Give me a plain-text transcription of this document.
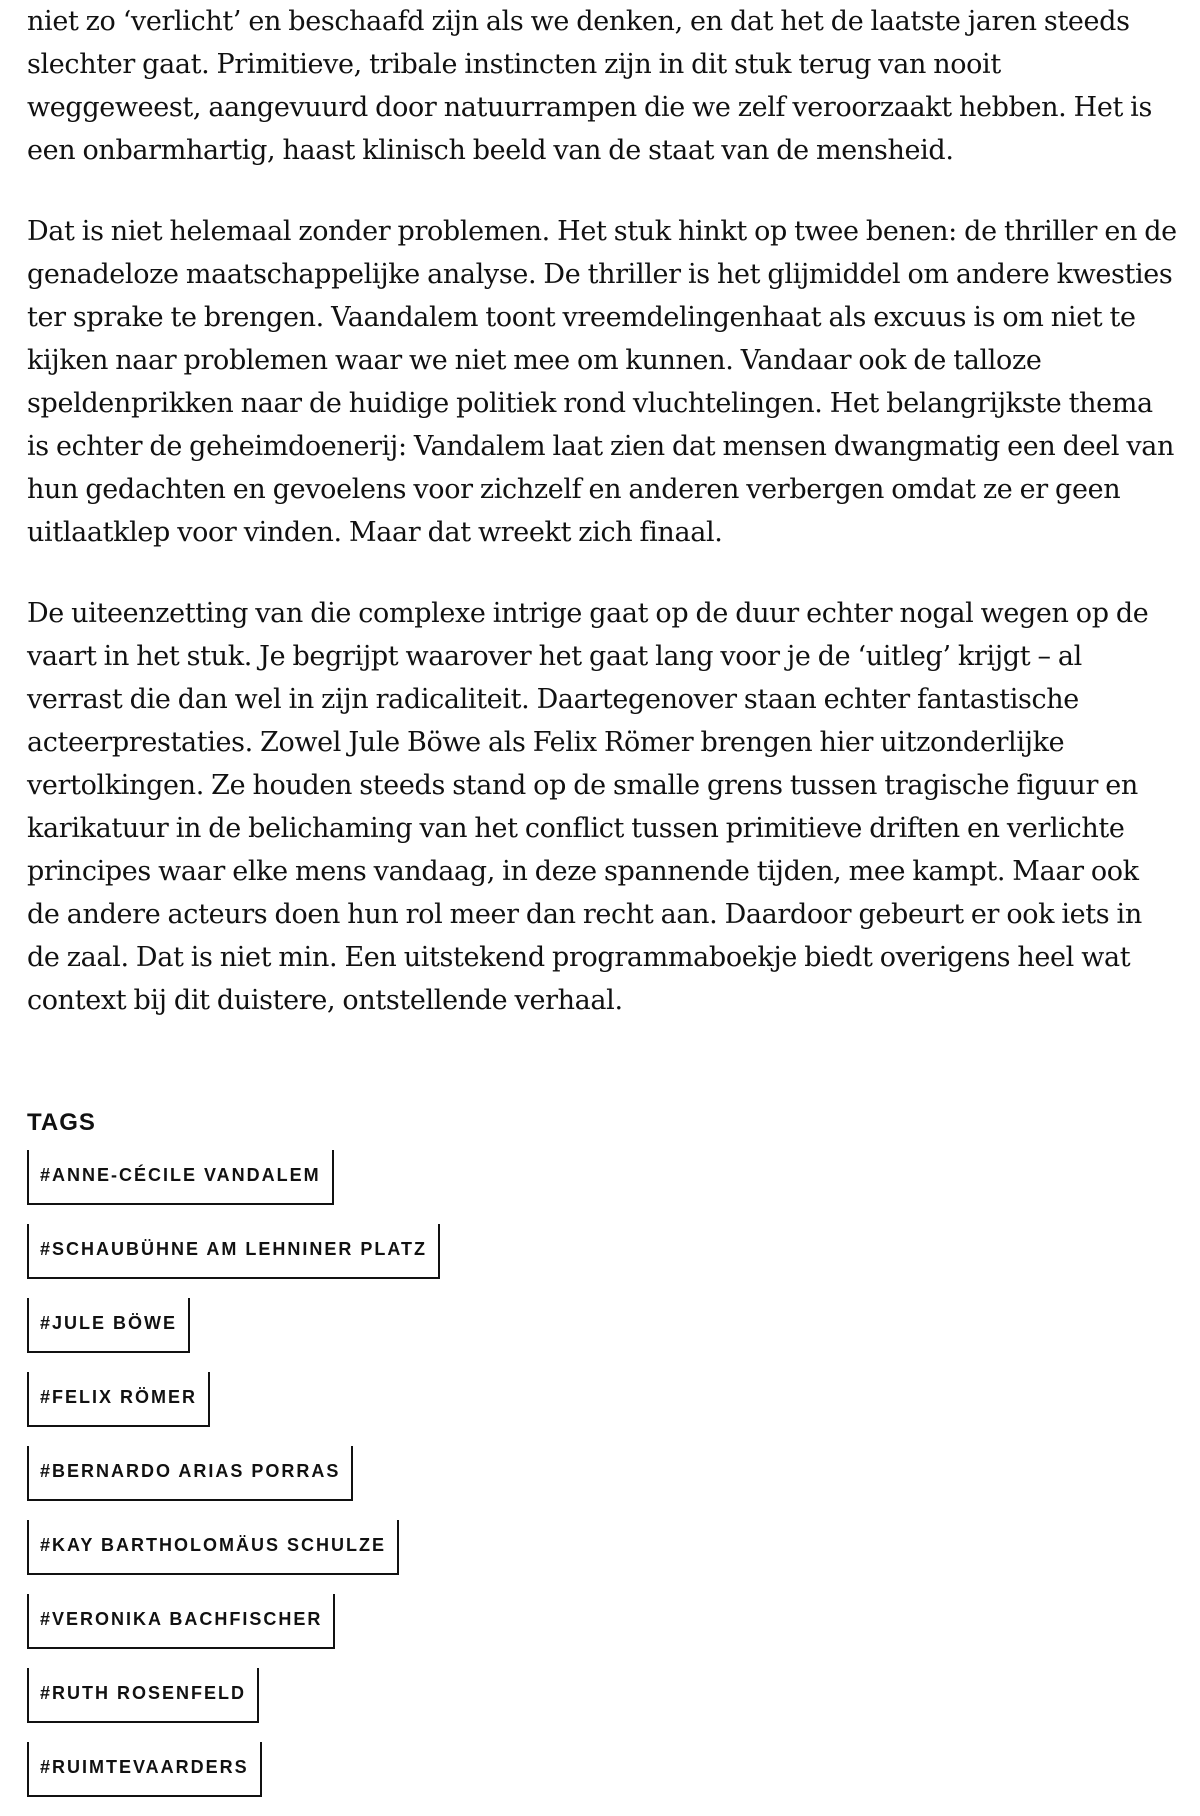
niet zo ‘verlicht’ en beschaafd zijn als we denken, en dat het de laatste jaren steeds slechter gaat. Primitieve, tribale instincten zijn in dit stuk terug van nooit weggeweest, aangevuurd door natuurrampen die we zelf veroorzaakt hebben. Het is een onbarmhartig, haast klinisch beeld van de staat van de mensheid.

Dat is niet helemaal zonder problemen. Het stuk hinkt op twee benen: de thriller en de genadeloze maatschappelijke analyse. De thriller is het glijmiddel om andere kwesties ter sprake te brengen. Vaandalem toont vreemdelingenhaat als excuus is om niet te kijken naar problemen waar we niet mee om kunnen. Vandaar ook de talloze speldenprikken naar de huidige politiek rond vluchtelingen. Het belangrijkste thema is echter de geheimdoenerij: Vandalem laat zien dat mensen dwangmatig een deel van hun gedachten en gevoelens voor zichzelf en anderen verbergen omdat ze er geen uitlaatklep voor vinden. Maar dat wreekt zich finaal.

De uiteenzetting van die complexe intrige gaat op de duur echter nogal wegen op de vaart in het stuk. Je begrijpt waarover het gaat lang voor je de ‘uitleg’ krijgt – al verrast die dan wel in zijn radicaliteit. Daartegenover staan echter fantastische acteerprestaties. Zowel Jule Böwe als Felix Römer brengen hier uitzonderlijke vertolkingen. Ze houden steeds stand op de smalle grens tussen tragische figuur en karikatuur in de belichaming van het conflict tussen primitieve driften en verlichte principes waar elke mens vandaag, in deze spannende tijden, mee kampt. Maar ook de andere acteurs doen hun rol meer dan recht aan. Daardoor gebeurt er ook iets in de zaal. Dat is niet min. Een uitstekend programmaboekje biedt overigens heel wat context bij dit duistere, ontstellende verhaal.

TAGS
#ANNE-CÉCILE VANDALEM
#SCHAUBÜHNE AM LEHNINER PLATZ
#JULE BÖWE
#FELIX RÖMER
#BERNARDO ARIAS PORRAS
#KAY BARTHOLOMÄUS SCHULZE
#VERONIKA BACHFISCHER
#RUTH ROSENFELD
#RUIMTEVAARDERS
